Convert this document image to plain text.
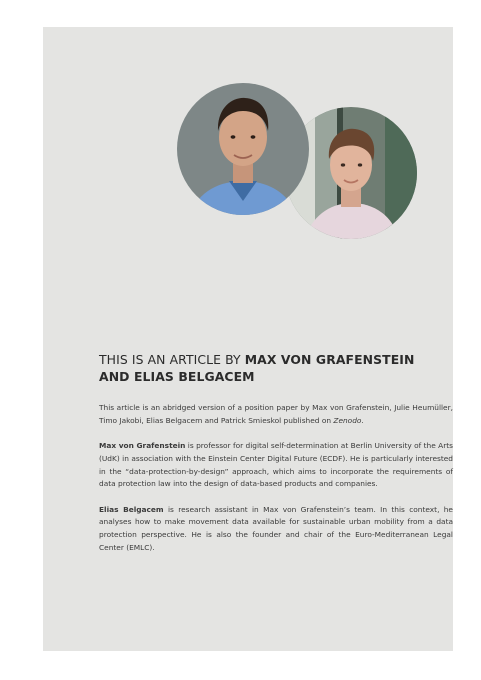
THIS IS AN ARTICLE BY MAX VON GRAFENSTEIN AND ELIAS BELGACEM

This article is an abridged version of a position paper by Max von Grafenstein, Julie Heumüller, Timo Jakobi, Elias Belgacem and Patrick Smieskol published on Zenodo.

Max von Grafenstein is professor for digital self-determination at Berlin University of the Arts (UdK) in association with the Einstein Center Digital Future (ECDF). He is particularly interested in the “data-protection-by-design” approach, which aims to incorporate the requirements of data protection law into the design of data-based products and companies.

Elias Belgacem is research assistant in Max von Grafenstein’s team. In this context, he analyses how to make movement data available for sustainable urban mobility from a data protection perspective. He is also the founder and chair of the Euro-Mediterranean Legal Center (EMLC).
